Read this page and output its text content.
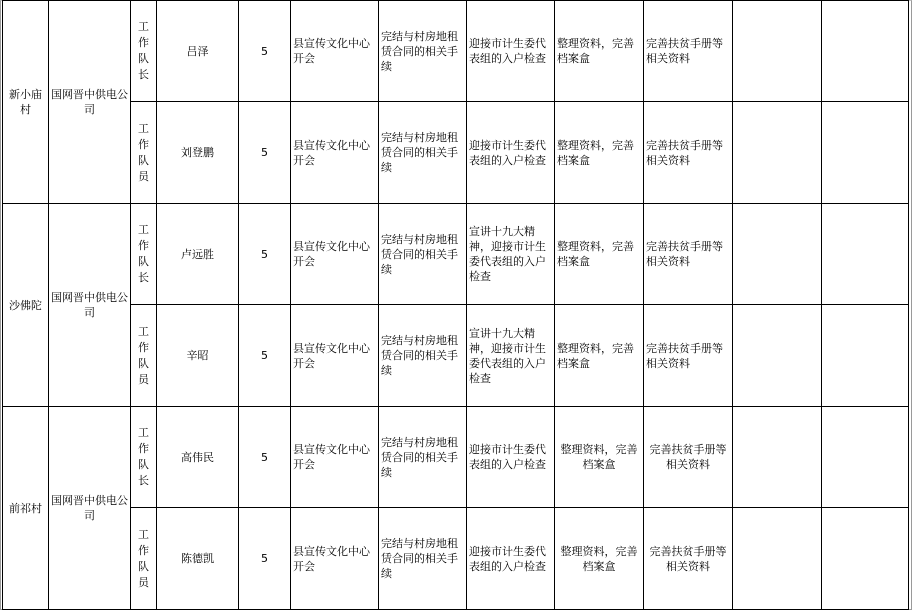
新小庙村	国网晋中供电公司	工作队长	吕泽	5	县宣传文化中心开会	完结与村房地租赁合同的相关手续	迎接市计生委代表组的入户检查	整理资料，完善档案盒	完善扶贫手册等相关资料		

		工作队员	刘登鹏	5	县宣传文化中心开会	完结与村房地租赁合同的相关手续	迎接市计生委代表组的入户检查	整理资料，完善档案盒	完善扶贫手册等相关资料		

沙佛陀	国网晋中供电公司	工作队长	卢远胜	5	县宣传文化中心开会	完结与村房地租赁合同的相关手续	宣讲十九大精神，迎接市计生委代表组的入户检查	整理资料，完善档案盒	完善扶贫手册等相关资料		

		工作队员	辛昭	5	县宣传文化中心开会	完结与村房地租赁合同的相关手续	宣讲十九大精神，迎接市计生委代表组的入户检查	整理资料，完善档案盒	完善扶贫手册等相关资料		

前祁村	国网晋中供电公司	工作队长	高伟民	5	县宣传文化中心开会	完结与村房地租赁合同的相关手续	迎接市计生委代表组的入户检查	整理资料，完善档案盒	完善扶贫手册等相关资料		

		工作队员	陈德凯	5	县宣传文化中心开会	完结与村房地租赁合同的相关手续	迎接市计生委代表组的入户检查	整理资料，完善档案盒	完善扶贫手册等相关资料		
